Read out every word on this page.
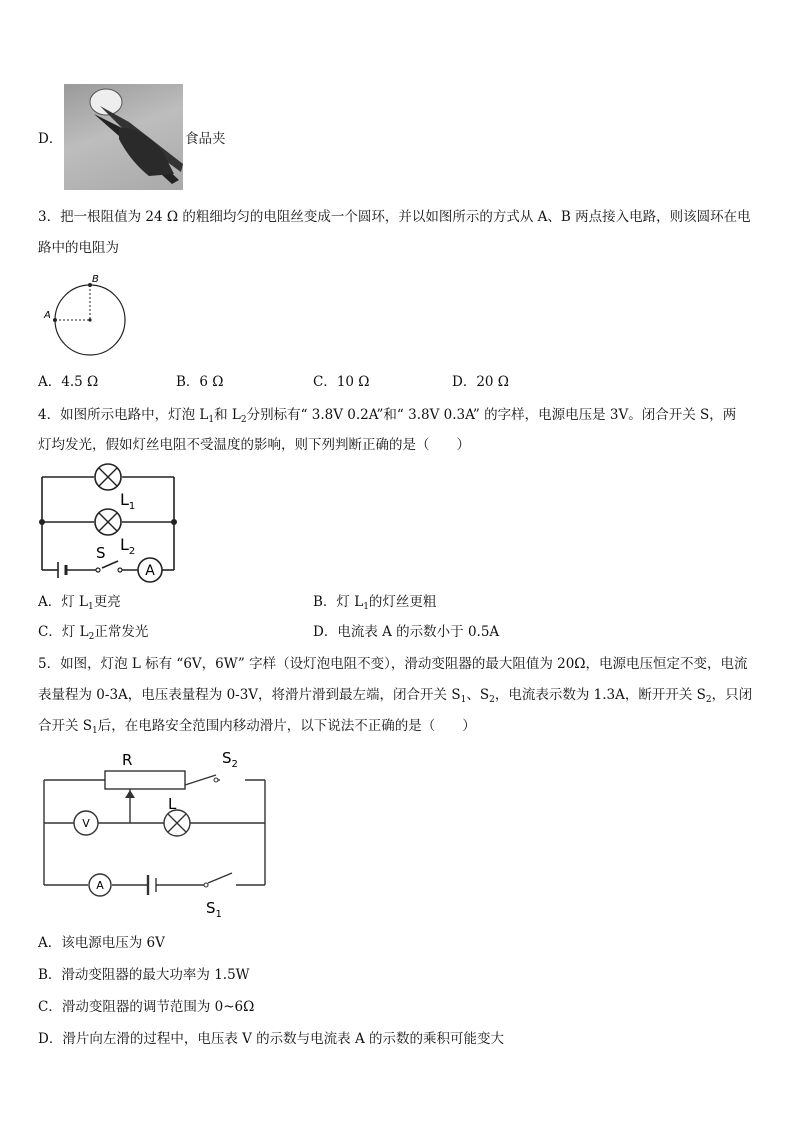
D．	食品夹
3．把一根阻值为 24 Ω 的粗细均匀的电阻丝变成一个圆环，并以如图所示的方式从 A、B 两点接入电路，则该圆环在电
路中的电阻为
A
B
A．4.5 Ω	B．6 Ω	C．10 Ω	D．20 Ω
4．如图所示电路中，灯泡 $L_1$和 $L_2$分别标有“ 3.8V 0.2A”和“ 3.8V 0.3A” 的字样，电源电压是 3V。闭合开关 S，两
灯均发光，假如灯丝电阻不受温度的影响，则下列判断正确的是（　　）
A
$L_1$
$L_2$
S
A．灯 $L_1$更亮	B．灯 $L_1$的灯丝更粗
C．灯 $L_2$正常发光	D．电流表 A 的示数小于 0.5A
5．如图，灯泡 L 标有 “6V，6W” 字样（设灯泡电阻不变），滑动变阻器的最大阻值为 20Ω，电源电压恒定不变，电流
表量程为 0-3A，电压表量程为 0-3V，将滑片滑到最左端，闭合开关 $S_1$、$S_2$，电流表示数为 1.3A，断开开关 $S_2$，只闭
合开关 $S_1$后，在电路安全范围内移动滑片，以下说法不正确的是（　　）
V
A
R
L
$S_2$
$S_1$
A．该电源电压为 6V
B．滑动变阻器的最大功率为 1.5W
C．滑动变阻器的调节范围为 0~6Ω
D．滑片向左滑的过程中，电压表 V 的示数与电流表 A 的示数的乘积可能变大
